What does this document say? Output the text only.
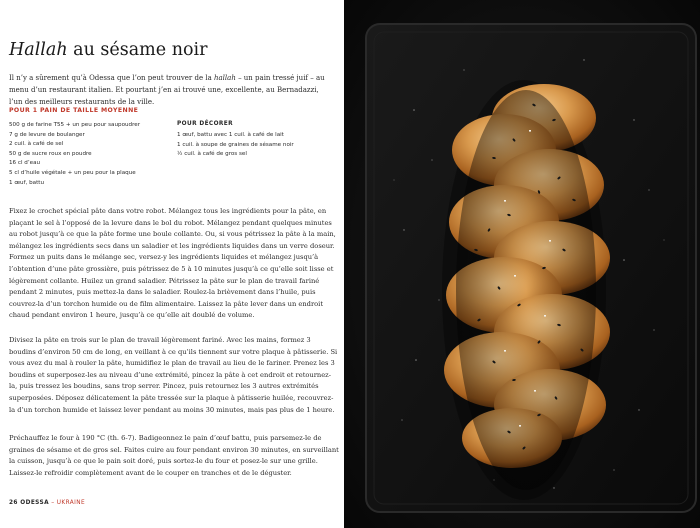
Hallah au sésame noir

Il n’y a sûrement qu’à Odessa que l’on peut trouver de la hallah – un pain tressé juif – au menu d’un restaurant italien. Et pourtant j’en ai trouvé une, excellente, au Bernadazzi, l’un des meilleurs restaurants de la ville.

POUR 1 PAIN DE TAILLE MOYENNE

500 g de farine T55 + un peu pour saupoudrer
7 g de levure de boulanger
2 cuil. à café de sel
50 g de sucre roux en poudre
16 cl d’eau
5 cl d’huile végétale + un peu pour la plaque
1 œuf, battu

POUR DÉCORER

1 œuf, battu avec 1 cuil. à café de lait
1 cuil. à soupe de graines de sésame noir
½ cuil. à café de gros sel

Fixez le crochet spécial pâte dans votre robot. Mélangez tous les ingrédients pour la pâte, en plaçant le sel à l’opposé de la levure dans le bol du robot. Mélangez pendant quelques minutes au robot jusqu’à ce que la pâte forme une boule collante. Ou, si vous pétrissez la pâte à la main, mélangez les ingrédients secs dans un saladier et les ingrédients liquides dans un verre doseur. Formez un puits dans le mélange sec, versez-y les ingrédients liquides et mélangez jusqu’à l’obtention d’une pâte grossière, puis pétrissez de 5 à 10 minutes jusqu’à ce qu’elle soit lisse et légèrement collante. Huilez un grand saladier. Pétrissez la pâte sur le plan de travail fariné pendant 2 minutes, puis mettez-la dans le saladier. Roulez-la brièvement dans l’huile, puis couvrez-la d’un torchon humide ou de film alimentaire. Laissez la pâte lever dans un endroit chaud pendant environ 1 heure, jusqu’à ce qu’elle ait doublé de volume.

Divisez la pâte en trois sur le plan de travail légèrement fariné. Avec les mains, formez 3 boudins d’environ 50 cm de long, en veillant à ce qu’ils tiennent sur votre plaque à pâtisserie. Si vous avez du mal à rouler la pâte, humidifiez le plan de travail au lieu de le fariner. Prenez les 3 boudins et superposez-les au niveau d’une extrémité, pincez la pâte à cet endroit et retournez-la, puis tressez les boudins, sans trop serrer. Pincez, puis retournez les 3 autres extrémités superposées. Déposez délicatement la pâte tressée sur la plaque à pâtisserie huilée, recouvrez-la d’un torchon humide et laissez lever pendant au moins 30 minutes, mais pas plus de 1 heure.

Préchauffez le four à 190 °C (th. 6-7). Badigeonnez le pain d’œuf battu, puis parsemez-le de graines de sésame et de gros sel. Faites cuire au four pendant environ 30 minutes, en surveillant la cuisson, jusqu’à ce que le pain soit doré, puis sortez-le du four et posez-le sur une grille. Laissez-le refroidir complètement avant de le couper en tranches et de le déguster.

26 ODESSA – UKRAINE
